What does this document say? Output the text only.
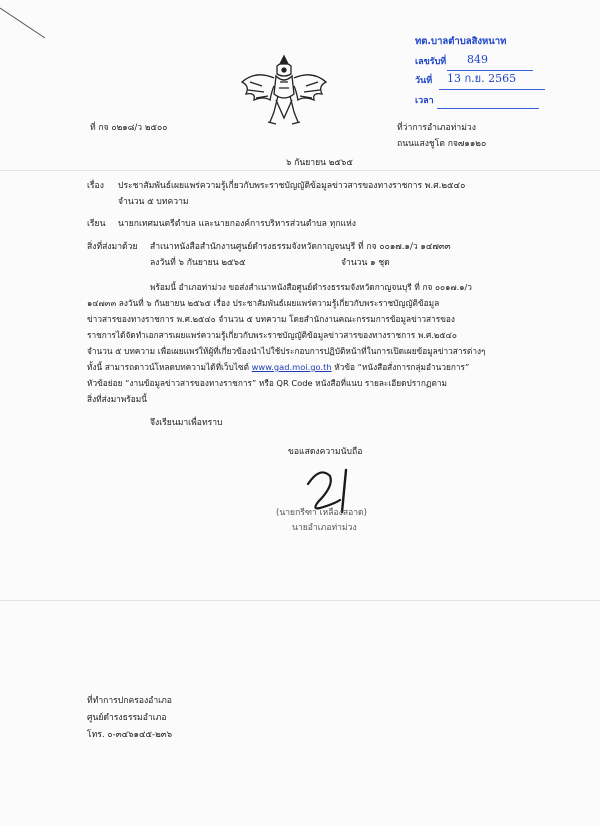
ทต.บาลตำบลสิงหนาท
เลขรับที่ 849
วันที่ 13 ก.ย. 2565
เวลา
ที่ กจ ๐๒๑๘/ว ๒๕๐๐	ที่ว่าการอำเภอท่าม่วง
ถนนแสงชูโต กจ๗๑๑๒๐
๖ กันยายน ๒๕๖๕
เรื่อง ประชาสัมพันธ์เผยแพร่ความรู้เกี่ยวกับพระราชบัญญัติข้อมูลข่าวสารของทางราชการ พ.ศ.๒๕๔๐
จำนวน ๕ บทความ
เรียน นายกเทศมนตรีตำบล และนายกองค์การบริหารส่วนตำบล ทุกแห่ง
สิ่งที่ส่งมาด้วย สำเนาหนังสือสำนักงานศูนย์ดำรงธรรมจังหวัดกาญจนบุรี ที่ กจ ๐๐๑๗.๑/ว ๑๔๗๓๓
ลงวันที่ ๖ กันยายน ๒๕๖๕	จำนวน ๑ ชุด
พร้อมนี้ อำเภอท่าม่วง ขอส่งสำเนาหนังสือศูนย์ดำรงธรรมจังหวัดกาญจนบุรี ที่ กจ ๐๐๑๗.๑/ว
๑๔๗๓๓ ลงวันที่ ๖ กันยายน ๒๕๖๕ เรื่อง ประชาสัมพันธ์เผยแพร่ความรู้เกี่ยวกับพระราชบัญญัติข้อมูล
ข่าวสารของทางราชการ พ.ศ.๒๕๔๐ จำนวน ๕ บทความ โดยสำนักงานคณะกรรมการข้อมูลข่าวสารของ
ราชการได้จัดทำเอกสารเผยแพร่ความรู้เกี่ยวกับพระราชบัญญัติข้อมูลข่าวสารของทางราชการ พ.ศ.๒๕๔๐
จำนวน ๕ บทความ เพื่อเผยแพร่ให้ผู้ที่เกี่ยวข้องนำไปใช้ประกอบการปฏิบัติหน้าที่ในการเปิดเผยข้อมูลข่าวสารต่างๆ
ทั้งนี้ สามารถดาวน์โหลดบทความได้ที่เว็บไซต์ www.gad.moi.go.th หัวข้อ “หนังสือสั่งการกลุ่มอำนวยการ”
หัวข้อย่อย “งานข้อมูลข่าวสารของทางราชการ” หรือ QR Code หนังสือที่แนบ รายละเอียดปรากฏตาม
สิ่งที่ส่งมาพร้อมนี้
จึงเรียนมาเพื่อทราบ
ขอแสดงความนับถือ
(นายกรีฑา เหลืองสอาด)
นายอำเภอท่าม่วง
ที่ทำการปกครองอำเภอ
ศูนย์ดำรงธรรมอำเภอ
โทร. ๐-๓๔๖๑๔๕-๒๓๖
